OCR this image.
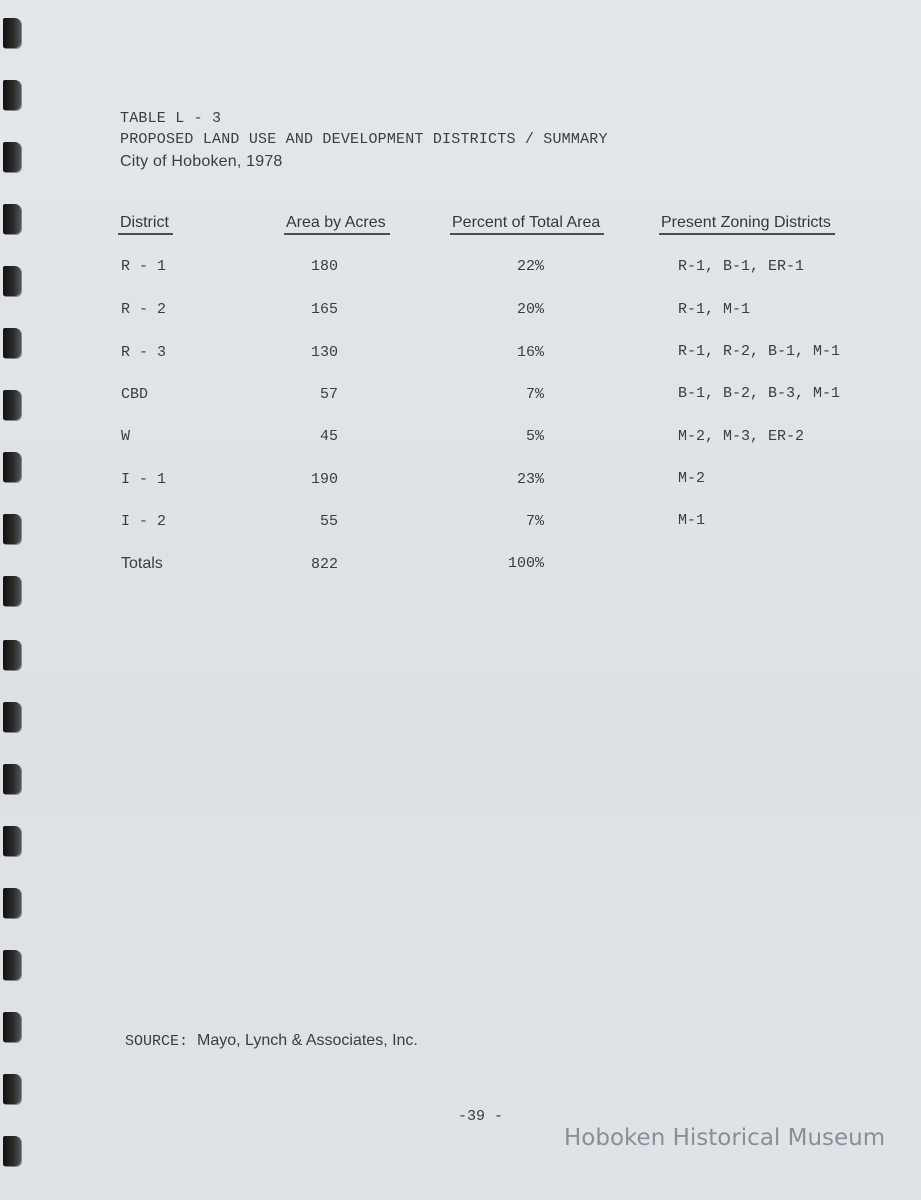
TABLE L - 3
PROPOSED LAND USE AND DEVELOPMENT DISTRICTS / SUMMARY
City of Hoboken, 1978
District	Area by Acres	Percent of Total Area	Present Zoning Districts
R - 1	180	22%	R-1, B-1, ER-1
R - 2	165	20%	R-1, M-1
R - 3	130	16%	R-1, R-2, B-1, M-1
CBD	57	7%	B-1, B-2, B-3, M-1
W	45	5%	M-2, M-3, ER-2
I - 1	190	23%	M-2
I - 2	55	7%	M-1
Totals	822	100%
SOURCE: Mayo, Lynch & Associates, Inc.
-39 -
Hoboken Historical Museum
